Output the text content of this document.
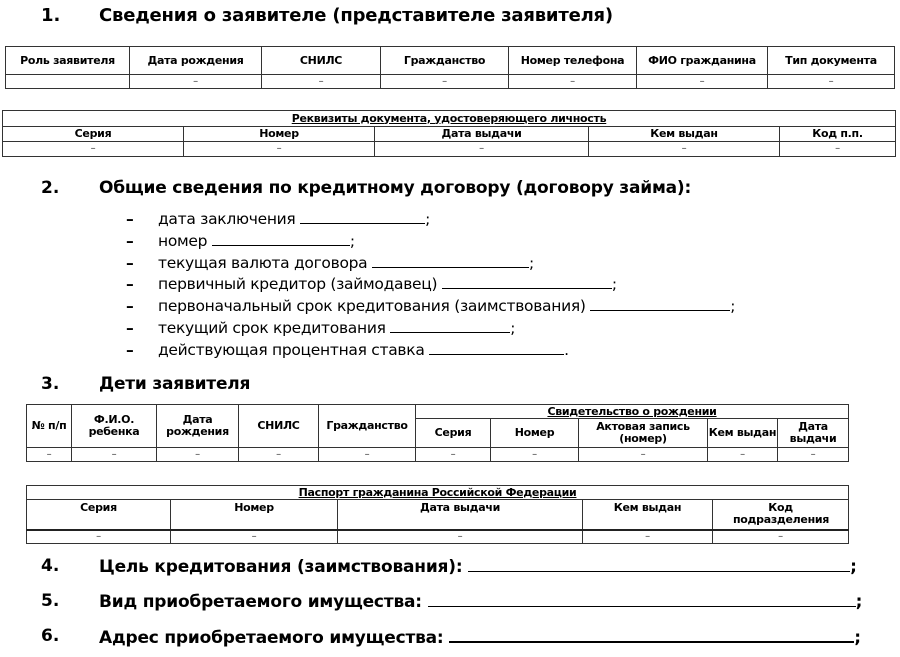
1. Сведения о заявителе (представителе заявителя)
Роль заявителя	Дата рождения	СНИЛС	Гражданство	Номер телефона	ФИО гражданина	Тип документа
	–	–	–	–	–	–
Реквизиты документа, удостоверяющего личность				
Серия	Номер	Дата выдачи	Кем выдан	Код п.п.
–	–	–	–	–
2. Общие сведения по кредитному договору (договору займа):
– дата заключения	;
– номер	;
– текущая валюта договора	;
– первичный кредитор (займодавец)	;
– первоначальный срок кредитования (заимствования)	;
– текущий срок кредитования	;
– действующая процентная ставка	.
3. Дети заявителя
№ п/п	Ф.И.О. ребенка	Дата рождения	СНИЛС	Гражданство	Свидетельство о рождении				
					Серия	Номер	Актовая запись (номер)	Кем выдан	Дата выдачи
–	–	–	–	–	–	–	–	–	–
Паспорт гражданина Российской Федерации				
Серия	Номер	Дата выдачи	Кем выдан	Код подразделения
–	–	–	–	–
4. Цель кредитования (заимствования):	;
5. Вид приобретаемого имущества:	;
6. Адрес приобретаемого имущества:	;
